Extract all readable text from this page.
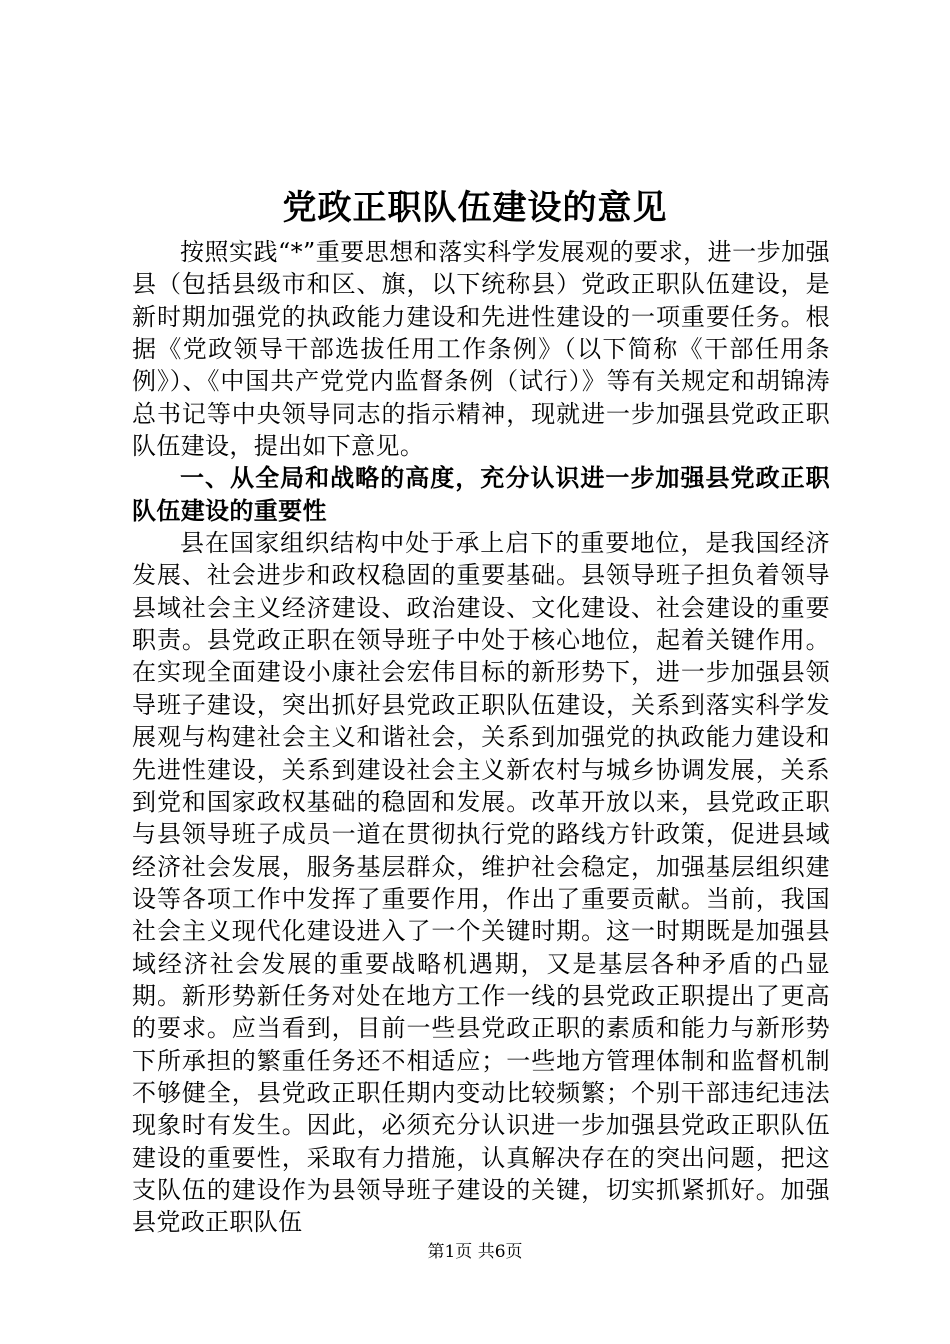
党政正职队伍建设的意见

按照实践“*”重要思想和落实科学发展观的要求，进一步加强县（包括县级市和区、旗，以下统称县）党政正职队伍建设，是新时期加强党的执政能力建设和先进性建设的一项重要任务。根据《党政领导干部选拔任用工作条例》（以下简称《干部任用条例》）、《中国共产党党内监督条例（试行）》等有关规定和胡锦涛总书记等中央领导同志的指示精神，现就进一步加强县党政正职队伍建设，提出如下意见。

一、从全局和战略的高度，充分认识进一步加强县党政正职队伍建设的重要性

县在国家组织结构中处于承上启下的重要地位，是我国经济发展、社会进步和政权稳固的重要基础。县领导班子担负着领导县域社会主义经济建设、政治建设、文化建设、社会建设的重要职责。县党政正职在领导班子中处于核心地位，起着关键作用。在实现全面建设小康社会宏伟目标的新形势下，进一步加强县领导班子建设，突出抓好县党政正职队伍建设，关系到落实科学发展观与构建社会主义和谐社会，关系到加强党的执政能力建设和先进性建设，关系到建设社会主义新农村与城乡协调发展，关系到党和国家政权基础的稳固和发展。改革开放以来，县党政正职与县领导班子成员一道在贯彻执行党的路线方针政策，促进县域经济社会发展，服务基层群众，维护社会稳定，加强基层组织建设等各项工作中发挥了重要作用，作出了重要贡献。当前，我国社会主义现代化建设进入了一个关键时期。这一时期既是加强县域经济社会发展的重要战略机遇期，又是基层各种矛盾的凸显期。新形势新任务对处在地方工作一线的县党政正职提出了更高的要求。应当看到，目前一些县党政正职的素质和能力与新形势下所承担的繁重任务还不相适应；一些地方管理体制和监督机制不够健全，县党政正职任期内变动比较频繁；个别干部违纪违法现象时有发生。因此，必须充分认识进一步加强县党政正职队伍建设的重要性，采取有力措施，认真解决存在的突出问题，把这支队伍的建设作为县领导班子建设的关键，切实抓紧抓好。加强县党政正职队伍

第1页 共6页
